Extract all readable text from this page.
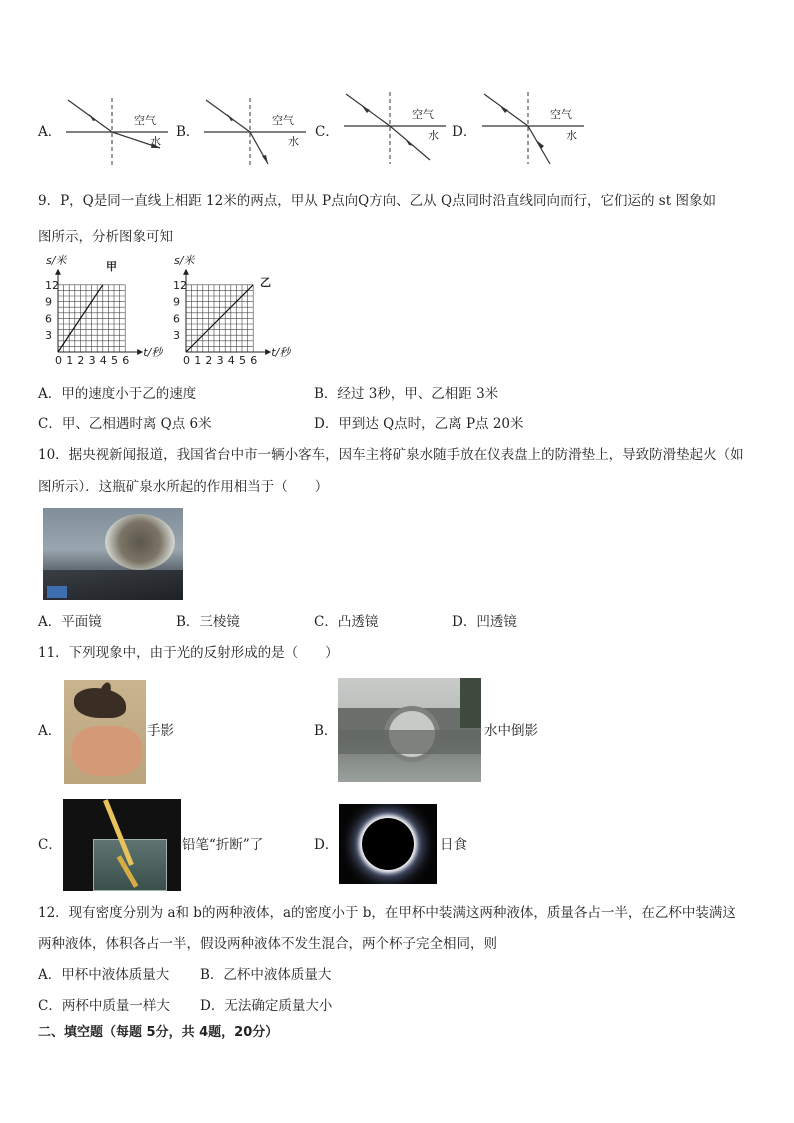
A．
空气
水
B．
空气
水
C．
空气
水 D．
空气
水
9．P，Q是同一直线上相距 12米的两点，甲从 P点向Q方向、乙从 Q点同时沿直线同向而行，它们运的 st 图象如
图所示，分析图象可知
s/米	甲
12
9
6
3
0 1 2 3 4 5 6
t/秒
s/米
乙
12
9
6
3
0 1 2 3 4 5 6
t/秒
A．甲的速度小于乙的速度	B．经过 3秒，甲、乙相距 3米
C．甲、乙相遇时离 Q点 6米	D．甲到达 Q点时，乙离 P点 20米
10．据央视新闻报道，我国省台中市一辆小客车，因车主将矿泉水随手放在仪表盘上的防滑垫上，导致防滑垫起火（如
图所示）．这瓶矿泉水所起的作用相当于（　　）
A．平面镜	B．三棱镜	C．凸透镜	D．凹透镜
11．下列现象中，由于光的反射形成的是（　　）
A．	手影	B．	水中倒影
C．	铅笔“折断”了	D．	日食
12．现有密度分别为 a和 b的两种液体，a的密度小于 b，在甲杯中装满这两种液体，质量各占一半，在乙杯中装满这
两种液体，体积各占一半，假设两种液体不发生混合，两个杯子完全相同，则
A．甲杯中液体质量大 B．乙杯中液体质量大
C．两杯中质量一样大 D．无法确定质量大小
二、填空题（每题 5分，共 4题，20分）
